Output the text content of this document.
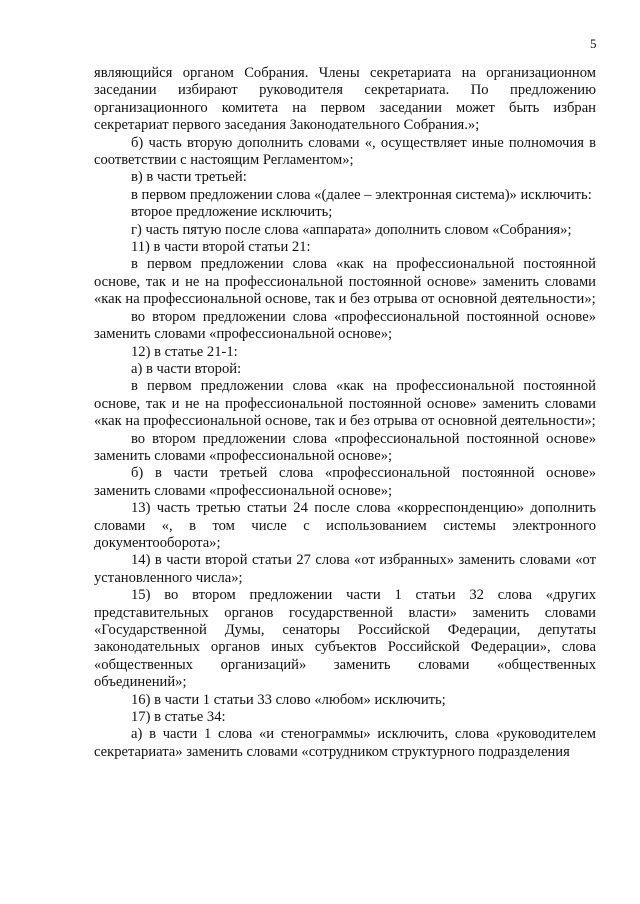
5

являющийся органом Собрания. Члены секретариата на организационном заседании избирают руководителя секретариата. По предложению организационного комитета на первом заседании может быть избран секретариат первого заседания Законодательного Собрания.»;

б) часть вторую дополнить словами «, осуществляет иные полномочия в соответствии с настоящим Регламентом»;

в) в части третьей:

в первом предложении слова «(далее – электронная система)» исключить:

второе предложение исключить;

г) часть пятую после слова «аппарата» дополнить словом «Собрания»;

11) в части второй статьи 21:

в первом предложении слова «как на профессиональной постоянной основе, так и не на профессиональной постоянной основе» заменить словами «как на профессиональной основе, так и без отрыва от основной деятельности»;

во втором предложении слова «профессиональной постоянной основе» заменить словами «профессиональной основе»;

12) в статье 21-1:

а) в части второй:

в первом предложении слова «как на профессиональной постоянной основе, так и не на профессиональной постоянной основе» заменить словами «как на профессиональной основе, так и без отрыва от основной деятельности»;

во втором предложении слова «профессиональной постоянной основе» заменить словами «профессиональной основе»;

б) в части третьей слова «профессиональной постоянной основе» заменить словами «профессиональной основе»;

13) часть третью статьи 24 после слова «корреспонденцию» дополнить словами «, в том числе с использованием системы электронного документооборота»;

14) в части второй статьи 27 слова «от избранных» заменить словами «от установленного числа»;

15) во втором предложении части 1 статьи 32 слова «других представительных органов государственной власти» заменить словами «Государственной Думы, сенаторы Российской Федерации, депутаты законодательных органов иных субъектов Российской Федерации», слова «общественных организаций» заменить словами «общественных объединений»;

16) в части 1 статьи 33 слово «любом» исключить;

17) в статье 34:

а) в части 1 слова «и стенограммы» исключить, слова «руководителем секретариата» заменить словами «сотрудником структурного подразделения
